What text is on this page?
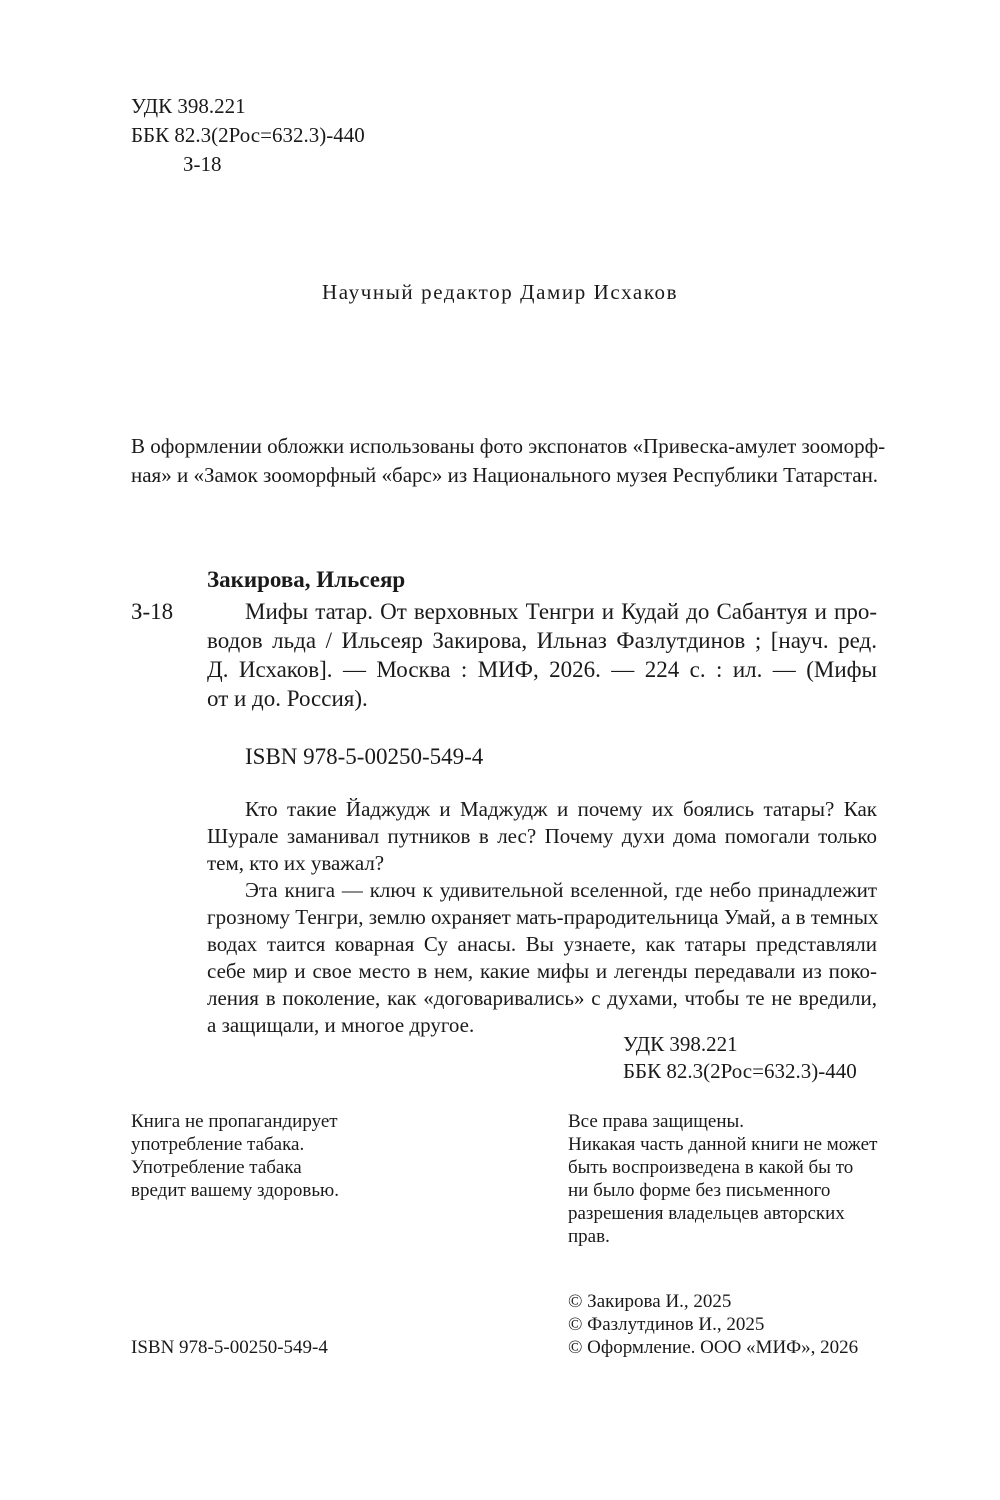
УДК 398.221
ББК 82.3(2Рос=632.3)-440
З-18
Научный редактор Дамир Исхаков
В оформлении обложки использованы фото экспонатов «Привеска-амулет зооморф-
ная» и «Замок зооморфный «барс» из Национального музея Республики Татарстан.
Закирова, Ильсеяр
З-18	Мифы татар. От верховных Тенгри и Кудай до Сабантуя и про-
водов льда / Ильсеяр Закирова, Ильназ Фазлутдинов ; [науч. ред.
Д. Исхаков]. — Москва : МИФ, 2026. — 224 с. : ил. — (Мифы
от и до. Россия).
ISBN 978-5-00250-549-4
Кто такие Йаджудж и Маджудж и почему их боялись татары? Как
Шурале заманивал путников в лес? Почему духи дома помогали только
тем, кто их уважал?
Эта книга — ключ к удивительной вселенной, где небо принадлежит
грозному Тенгри, землю охраняет мать-прародительница Умай, а в темных
водах таится коварная Су анасы. Вы узнаете, как татары представляли
себе мир и свое место в нем, какие мифы и легенды передавали из поко-
ления в поколение, как «договаривались» с духами, чтобы те не вредили,
а защищали, и многое другое.
УДК 398.221
ББК 82.3(2Рос=632.3)-440
Книга не пропагандирует
употребление табака.
Употребление табака
вредит вашему здоровью.
Все права защищены.
Никакая часть данной книги не может
быть воспроизведена в какой бы то
ни было форме без письменного
разрешения владельцев авторских
прав.
© Закирова И., 2025
© Фазлутдинов И., 2025
© Оформление. ООО «МИФ», 2026
ISBN 978-5-00250-549-4
